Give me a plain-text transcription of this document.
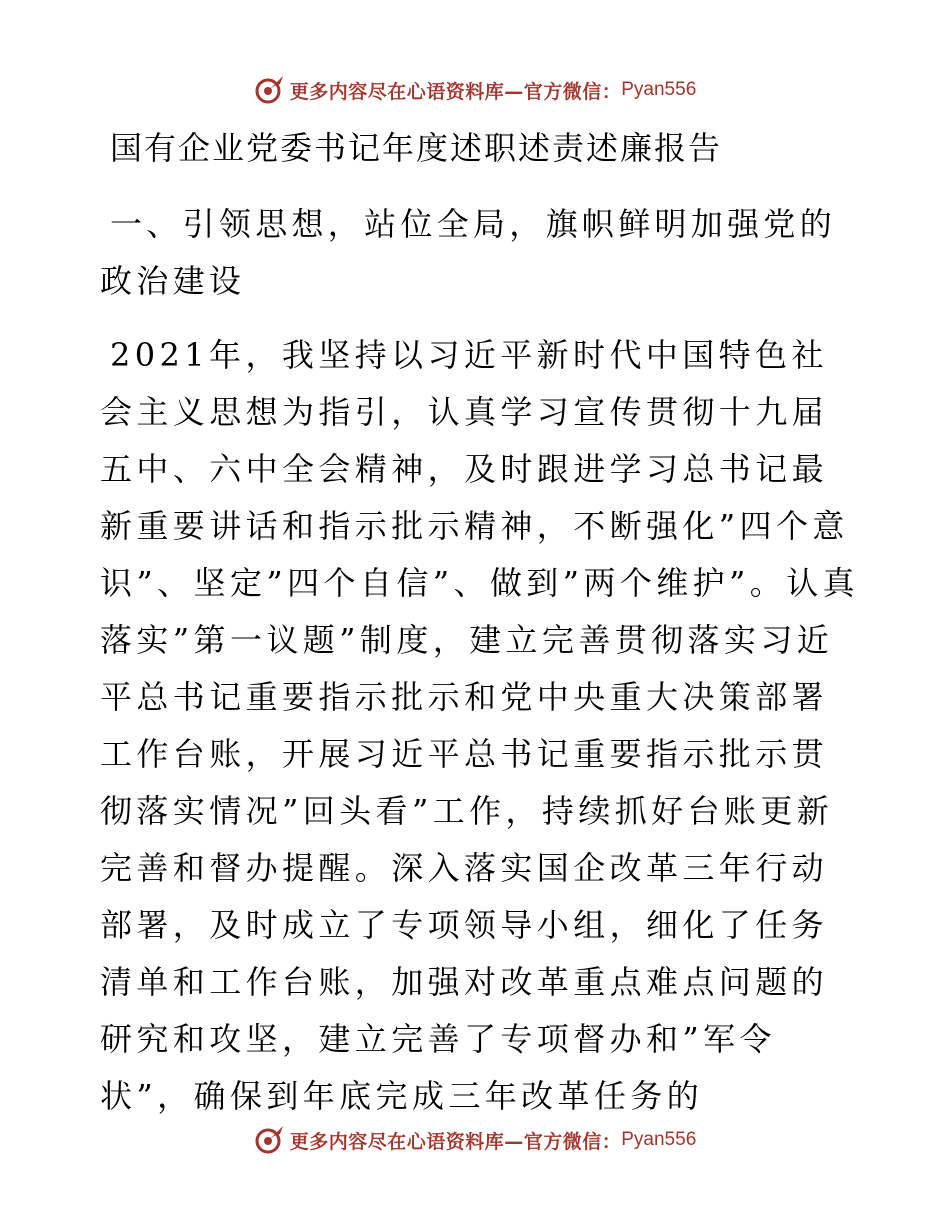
更多内容尽在心语资料库—官方微信： Pyan556
国有企业党委书记年度述职述责述廉报告
一、引领思想，站位全局，旗帜鲜明加强党的政治建设

2021年，我坚持以习近平新时代中国特色社会主义思想为指引，认真学习宣传贯彻十九届五中、六中全会精神，及时跟进学习总书记最新重要讲话和指示批示精神，不断强化”四个意识”、坚定”四个自信”、做到”两个维护”。认真落实”第一议题”制度，建立完善贯彻落实习近平总书记重要指示批示和党中央重大决策部署工作台账，开展习近平总书记重要指示批示贯彻落实情况”回头看”工作，持续抓好台账更新完善和督办提醒。深入落实国企改革三年行动部署，及时成立了专项领导小组，细化了任务清单和工作台账，加强对改革重点难点问题的研究和攻坚，建立完善了专项督办和”军令状”，确保到年底完成三年改革任务的

更多内容尽在心语资料库—官方微信： Pyan556
